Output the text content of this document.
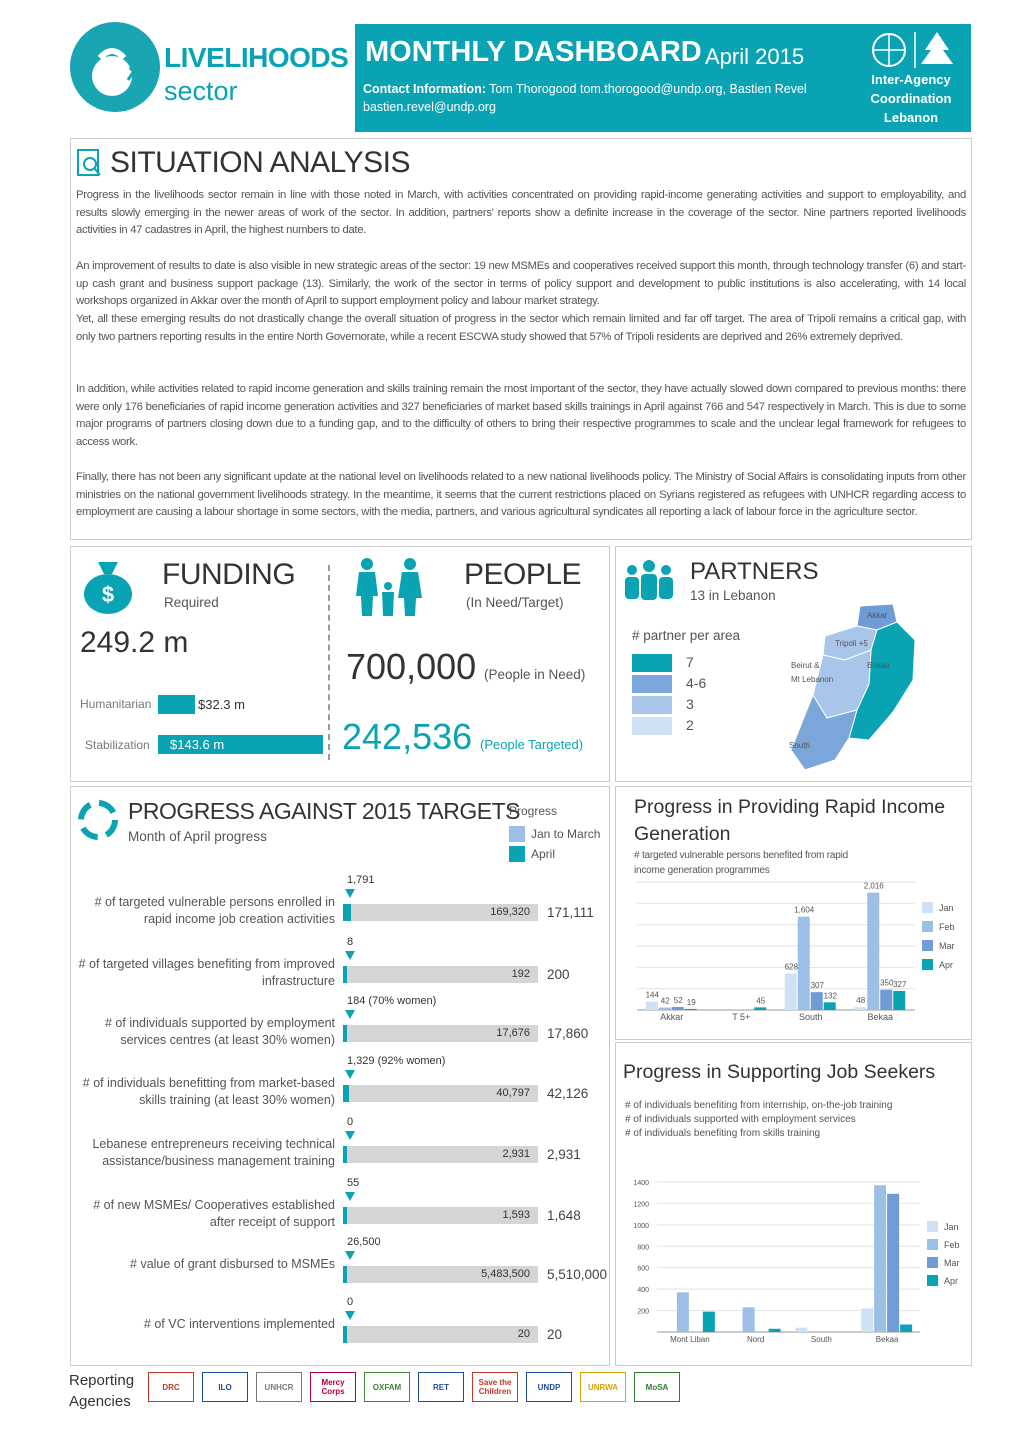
LIVELIHOODS
sector
MONTHLY DASHBOARD April 2015
Contact Information: Tom Thorogood tom.thorogood@undp.org, Bastien Revel bastien.revel@undp.org
Inter-Agency
Coordination
Lebanon
SITUATION ANALYSIS
Progress in the livelihoods sector remain in line with those noted in March, with activities concentrated on providing rapid-income generating activities and support to employability, and results slowly emerging in the newer areas of work of the sector. In addition, partners' reports show a definite increase in the coverage of the sector. Nine partners reported livelihoods activities in 47 cadastres in April, the highest numbers to date.
An improvement of results to date is also visible in new strategic areas of the sector: 19 new MSMEs and cooperatives received support this month, through technology transfer (6) and start-up cash grant and business support package (13). Similarly, the work of the sector in terms of policy support and development to public institutions is also accelerating, with 14 local workshops organized in Akkar over the month of April to support employment policy and labour market strategy.
Yet, all these emerging results do not drastically change the overall situation of progress in the sector which remain limited and far off target. The area of Tripoli remains a critical gap, with only two partners reporting results in the entire North Governorate, while a recent ESCWA study showed that 57% of Tripoli residents are deprived and 26% extremely deprived.
In addition, while activities related to rapid income generation and skills training remain the most important of the sector, they have actually slowed down compared to previous months: there were only 176 beneficiaries of rapid income generation activities and 327 beneficiaries of market based skills trainings in April against 766 and 547 respectively in March. This is due to some major programs of partners closing down due to a funding gap, and to the difficulty of others to bring their respective programmes to scale and the unclear legal framework for refugees to access work.
Finally, there has not been any significant update at the national level on livelihoods related to a new national livelihoods policy. The Ministry of Social Affairs is consolidating inputs from other ministries on the national government livelihoods strategy. In the meantime, it seems that the current restrictions placed on Syrians registered as refugees with UNHCR regarding access to employment are causing a labour shortage in some sectors, with the media, partners, and various agricultural syndicates all reporting a lack of labour force in the agriculture sector.
$
FUNDING
Required
249.2 m
Humanitarian	$32.3 m
Stabilization	$143.6 m
PEOPLE
(In Need/Target)
700,000 (People in Need)
242,536 (People Targeted)
PARTNERS
13 in Lebanon
# partner per area
7
4-6
3
2
Akkar
Tripoli +5
Bekaa
Beirut &
Mt Lebanon
South
PROGRESS AGAINST 2015 TARGETS
Month of April progress
Progress
Jan to March
April
1,791
# of targeted vulnerable persons enrolled in rapid income job creation activities	169,320 171,111
8
# of targeted villages benefiting from improved infrastructure	192 200
184 (70% women)
# of individuals supported by employment services centres (at least 30% women)	17,676 17,860
1,329 (92% women)
# of individuals benefitting from market-based skills training (at least 30% women)	40,797 42,126
0
Lebanese entrepreneurs receiving technical assistance/business management training	2,931 2,931
55
# of new MSMEs/ Cooperatives established after receipt of support	1,593 1,648
26,500
# value of grant disbursed to MSMEs
5,483,500 5,510,000
0
# of VC interventions implemented
20 20
Progress in Providing Rapid Income Generation
# targeted vulnerable persons benefited from rapid income generation programmes
144
42 52 19
Akkar
45
T 5+
628
1,604
307
132
South
48
2,016
350 327
Bekaa
Jan
Feb
Mar
Apr
Progress in Supporting Job Seekers
# of individuals benefiting from internship, on-the-job training
# of individuals supported with employment services
# of individuals benefiting from skills training
1400
1200
1000
800
600
400
200
Mont Liban	Nord	South	Bekaa
Jan
Feb
Mar
Apr
Reporting
Agencies
DRC	ILO	UNHCR	Mercy Corps	OXFAM	RET	Save the Children	UNDP	UNRWA	MoSA
